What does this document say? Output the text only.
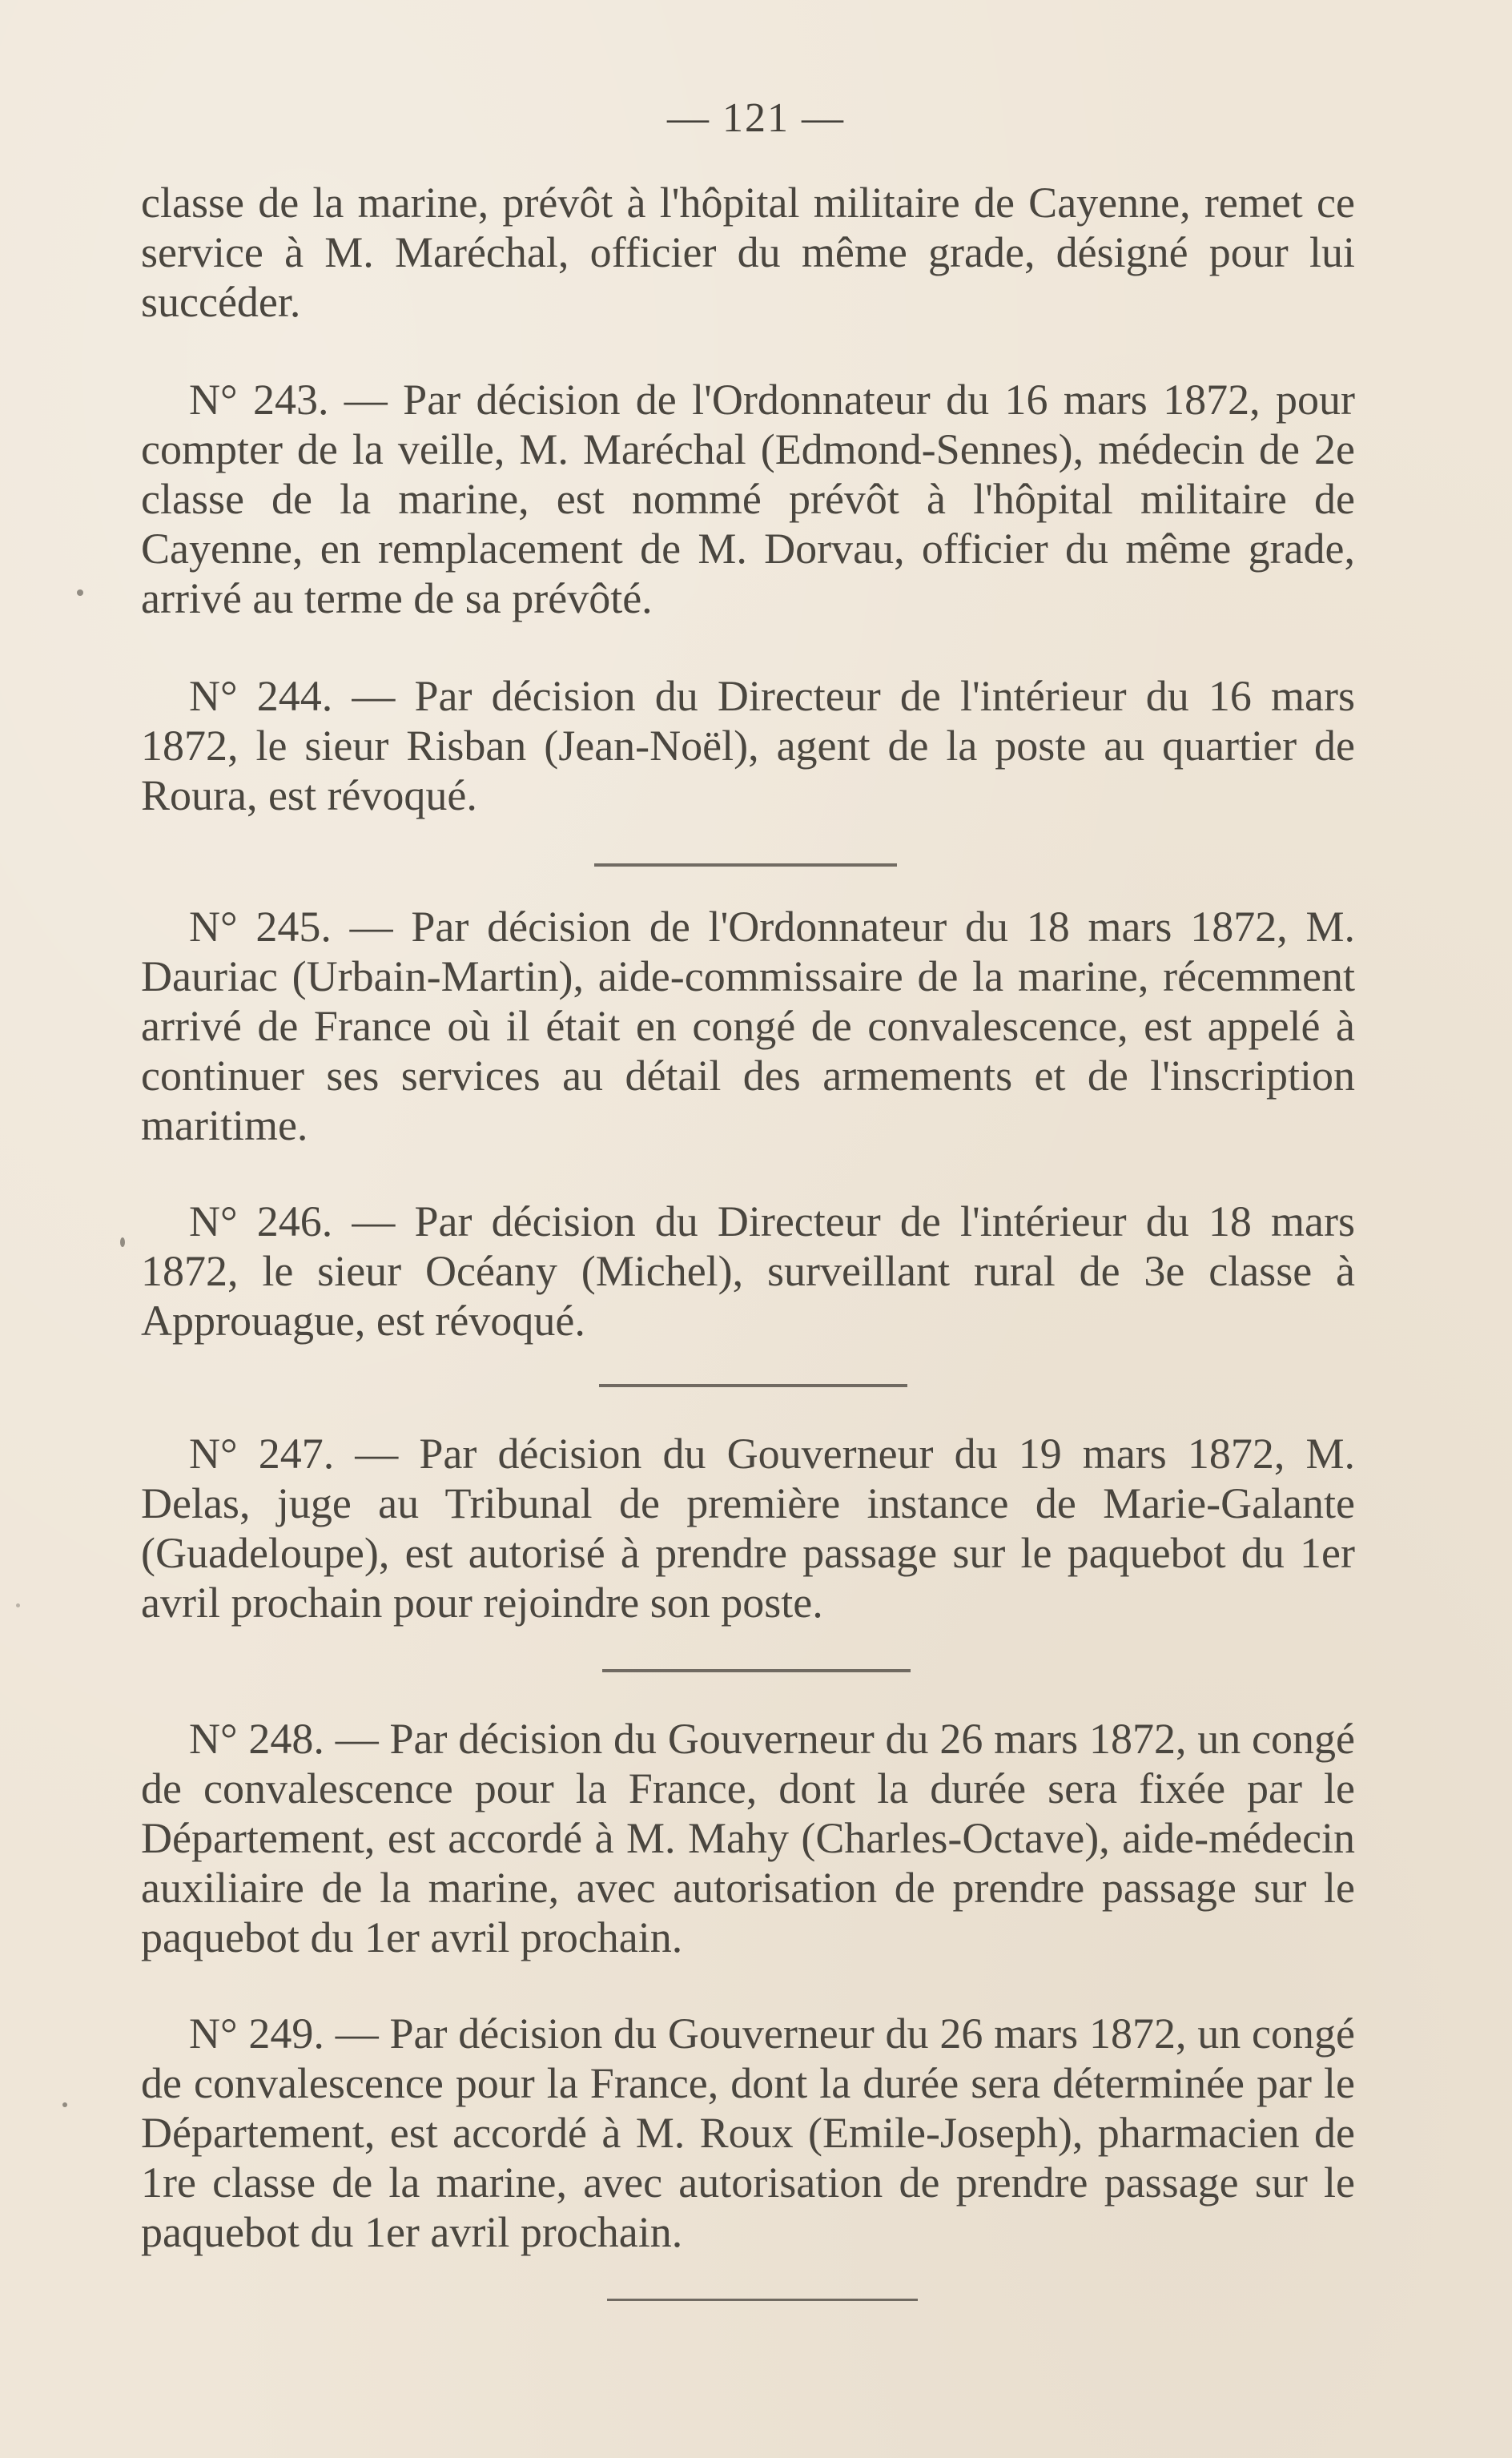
— 121 —

classe de la marine, prévôt à l'hôpital militaire de Cayenne, remet ce service à M. Maréchal, officier du même grade, désigné pour lui succéder.

N° 243. — Par décision de l'Ordonnateur du 16 mars 1872, pour compter de la veille, M. Maréchal (Edmond-Sennes), médecin de 2e classe de la marine, est nommé prévôt à l'hôpital militaire de Cayenne, en remplacement de M. Dorvau, officier du même grade, arrivé au terme de sa prévôté.

N° 244. — Par décision du Directeur de l'intérieur du 16 mars 1872, le sieur Risban (Jean-Noël), agent de la poste au quartier de Roura, est révoqué.

N° 245. — Par décision de l'Ordonnateur du 18 mars 1872, M. Dauriac (Urbain-Martin), aide-commissaire de la marine, récemment arrivé de France où il était en congé de convalescence, est appelé à continuer ses services au détail des armements et de l'inscription maritime.

N° 246. — Par décision du Directeur de l'intérieur du 18 mars 1872, le sieur Océany (Michel), surveillant rural de 3e classe à Approuague, est révoqué.

N° 247. — Par décision du Gouverneur du 19 mars 1872, M. Delas, juge au Tribunal de première instance de Marie-Galante (Guadeloupe), est autorisé à prendre passage sur le paquebot du 1er avril prochain pour rejoindre son poste.

N° 248. — Par décision du Gouverneur du 26 mars 1872, un congé de convalescence pour la France, dont la durée sera fixée par le Département, est accordé à M. Mahy (Charles-Octave), aide-médecin auxiliaire de la marine, avec autorisation de prendre passage sur le paquebot du 1er avril prochain.

N° 249. — Par décision du Gouverneur du 26 mars 1872, un congé de convalescence pour la France, dont la durée sera déterminée par le Département, est accordé à M. Roux (Emile-Joseph), pharmacien de 1re classe de la marine, avec autorisation de prendre passage sur le paquebot du 1er avril prochain.
